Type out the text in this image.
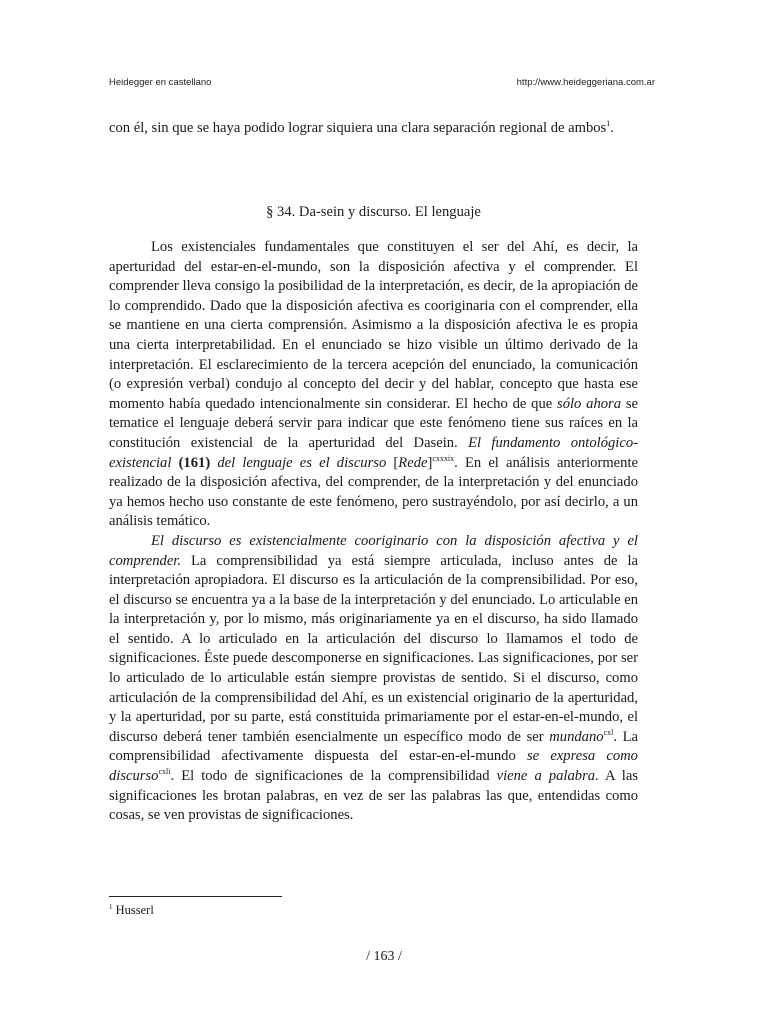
Heidegger en castellano	http://www.heideggeriana.com.ar
con él, sin que se haya podido lograr siquiera una clara separación regional de ambos$^1$.
§ 34. Da-sein y discurso. El lenguaje

Los existenciales fundamentales que constituyen el ser del Ahí, es decir, la aperturidad del estar-en-el-mundo, son la disposición afectiva y el comprender. El comprender lleva consigo la posibilidad de la interpretación, es decir, de la apropiación de lo comprendido. Dado que la disposición afectiva es cooriginaria con el comprender, ella se mantiene en una cierta comprensión. Asimismo a la disposición afectiva le es propia una cierta interpretabilidad. En el enunciado se hizo visible un último derivado de la interpretación. El esclarecimiento de la tercera acepción del enunciado, la comunicación (o expresión verbal) condujo al concepto del decir y del hablar, concepto que hasta ese momento había quedado intencionalmente sin considerar. El hecho de que sólo ahora se tematice el lenguaje deberá servir para indicar que este fenómeno tiene sus raíces en la constitución existencial de la aperturidad del Dasein. El fundamento ontológico-existencial (161) del lenguaje es el discurso [Rede]$^{cxxxix}$. En el análisis anteriormente realizado de la disposición afectiva, del comprender, de la interpretación y del enunciado ya hemos hecho uso constante de este fenómeno, pero sustrayéndolo, por así decirlo, a un análisis temático.

El discurso es existencialmente cooriginario con la disposición afectiva y el comprender. La comprensibilidad ya está siempre articulada, incluso antes de la interpretación apropiadora. El discurso es la articulación de la comprensibilidad. Por eso, el discurso se encuentra ya a la base de la interpretación y del enunciado. Lo articulable en la interpretación y, por lo mismo, más originariamente ya en el discurso, ha sido llamado el sentido. A lo articulado en la articulación del discurso lo llamamos el todo de significaciones. Éste puede descomponerse en significaciones. Las significaciones, por ser lo articulado de lo articulable están siempre provistas de sentido. Si el discurso, como articulación de la comprensibilidad del Ahí, es un existencial originario de la aperturidad, y la aperturidad, por su parte, está constituida primariamente por el estar-en-el-mundo, el discurso deberá tener también esencialmente un específico modo de ser mundano$^{cxl}$. La comprensibilidad afectivamente dispuesta del estar-en-el-mundo se expresa como discurso$^{cxli}$. El todo de significaciones de la comprensibilidad viene a palabra. A las significaciones les brotan palabras, en vez de ser las palabras las que, entendidas como cosas, se ven provistas de significaciones.

$^1$ Husserl
/ 163 /
